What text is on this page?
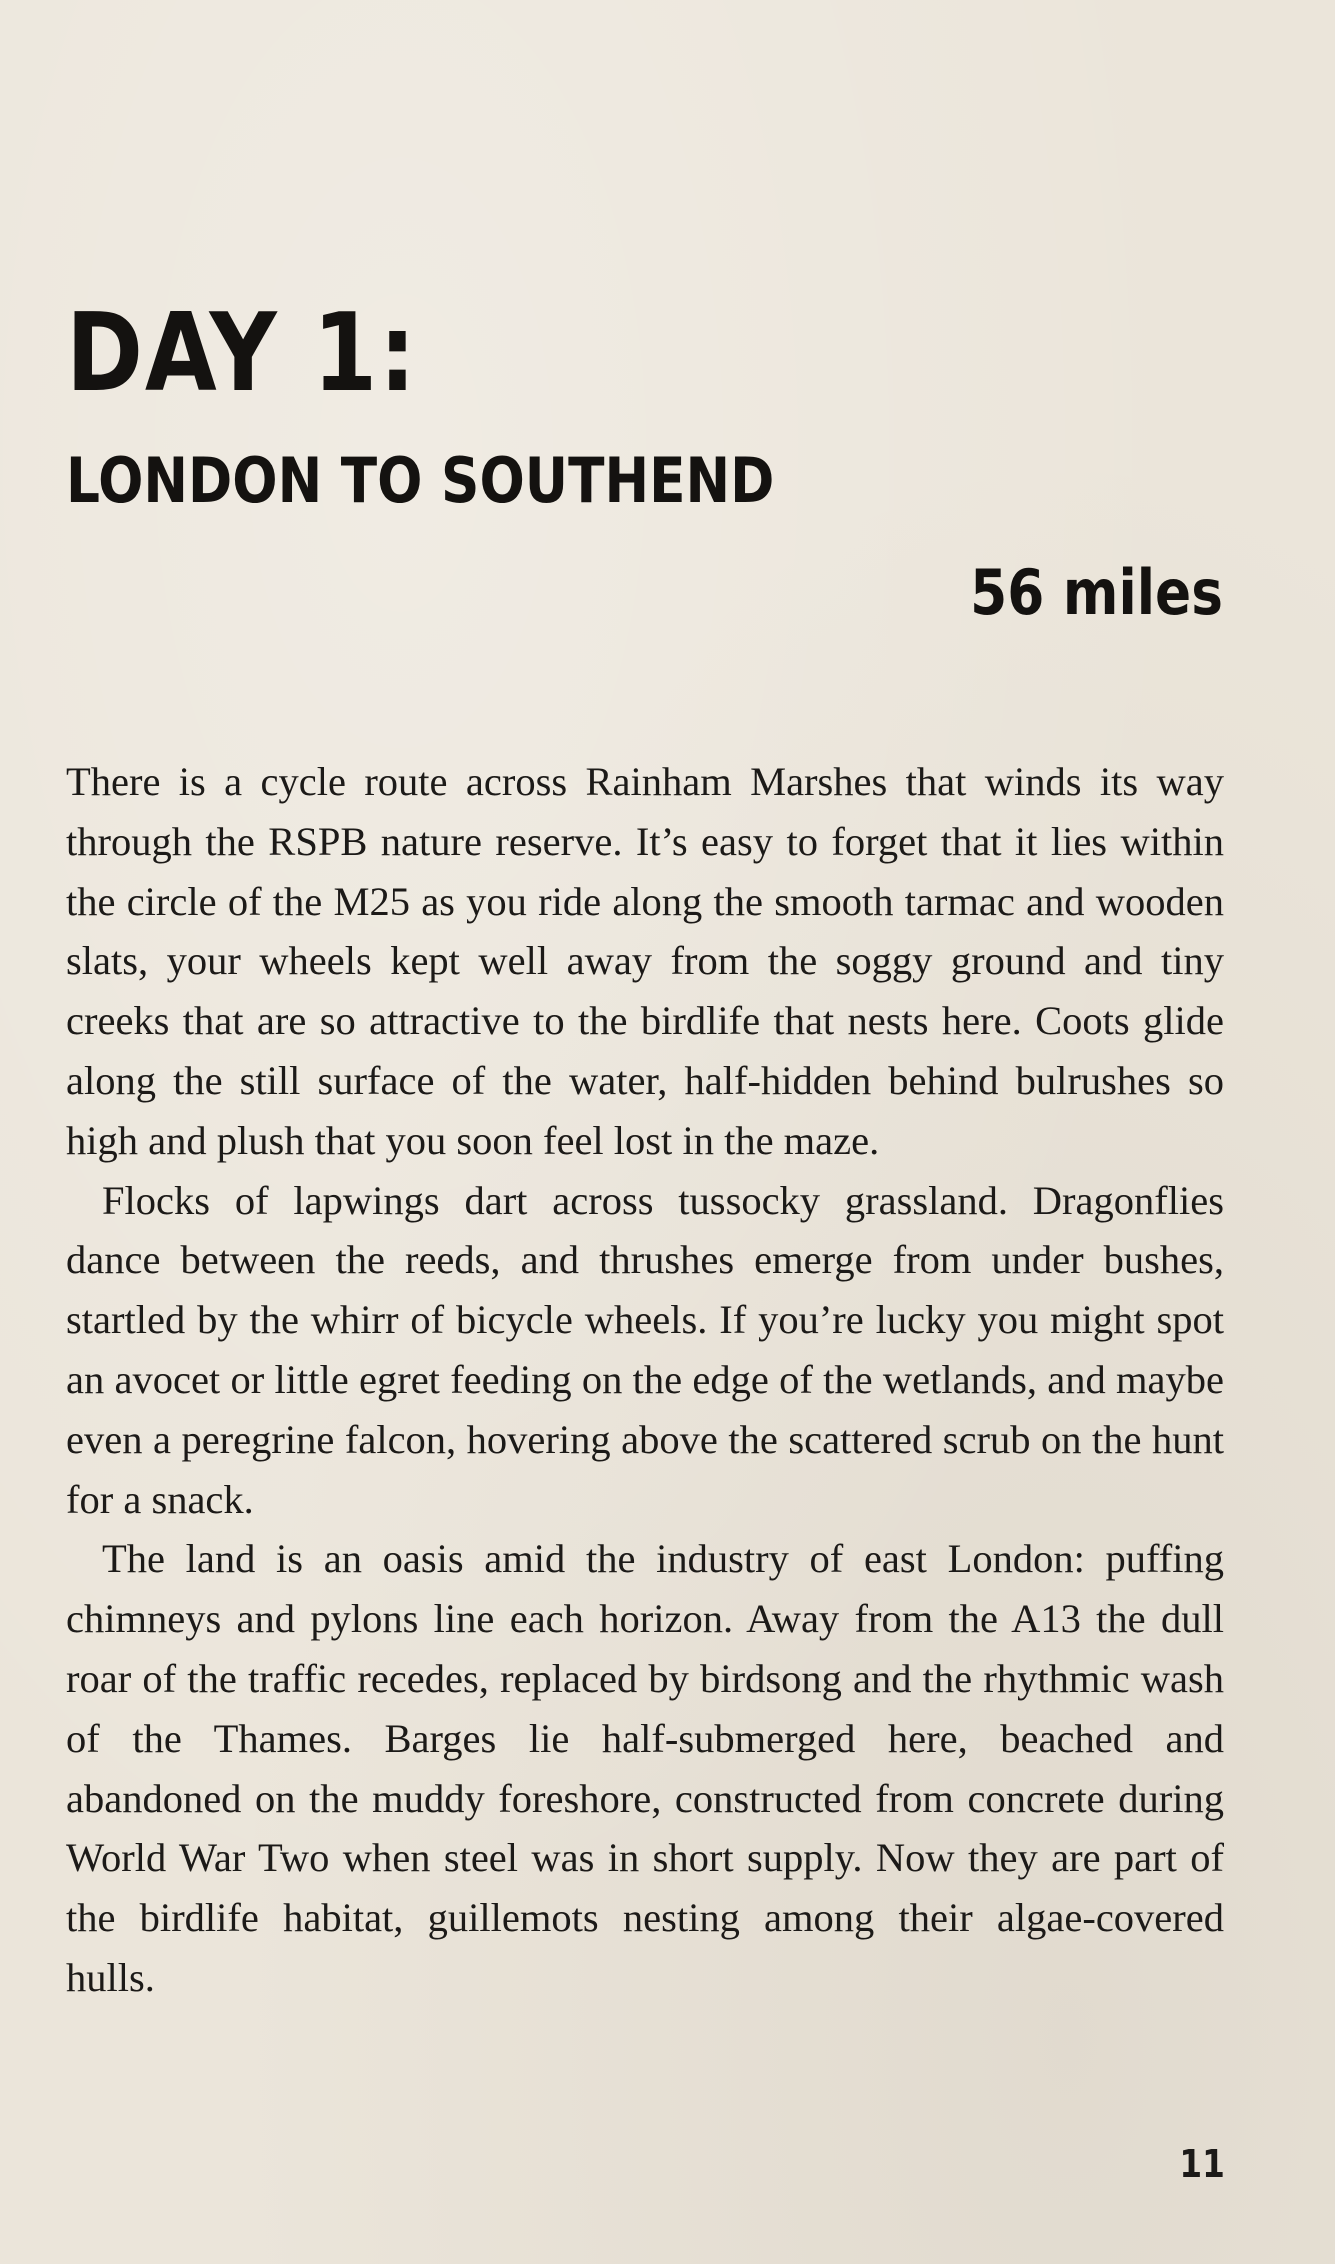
DAY 1:
LONDON TO SOUTHEND
56 miles

There is a cycle route across Rainham Marshes that winds its way through the RSPB nature reserve. It’s easy to forget that it lies within the circle of the M25 as you ride along the smooth tarmac and wooden slats, your wheels kept well away from the soggy ground and tiny creeks that are so attractive to the birdlife that nests here. Coots glide along the still surface of the water, half-hidden behind bulrushes so high and plush that you soon feel lost in the maze.

Flocks of lapwings dart across tussocky grassland. Dragonflies dance between the reeds, and thrushes emerge from under bushes, startled by the whirr of bicycle wheels. If you’re lucky you might spot an avocet or little egret feeding on the edge of the wetlands, and maybe even a peregrine falcon, hovering above the scattered scrub on the hunt for a snack.

The land is an oasis amid the industry of east London: puffing chimneys and pylons line each horizon. Away from the A13 the dull roar of the traffic recedes, replaced by birdsong and the rhythmic wash of the Thames. Barges lie half-submerged here, beached and abandoned on the muddy foreshore, constructed from concrete during World War Two when steel was in short supply. Now they are part of the birdlife habitat, guillemots nesting among their algae-covered hulls.

11
